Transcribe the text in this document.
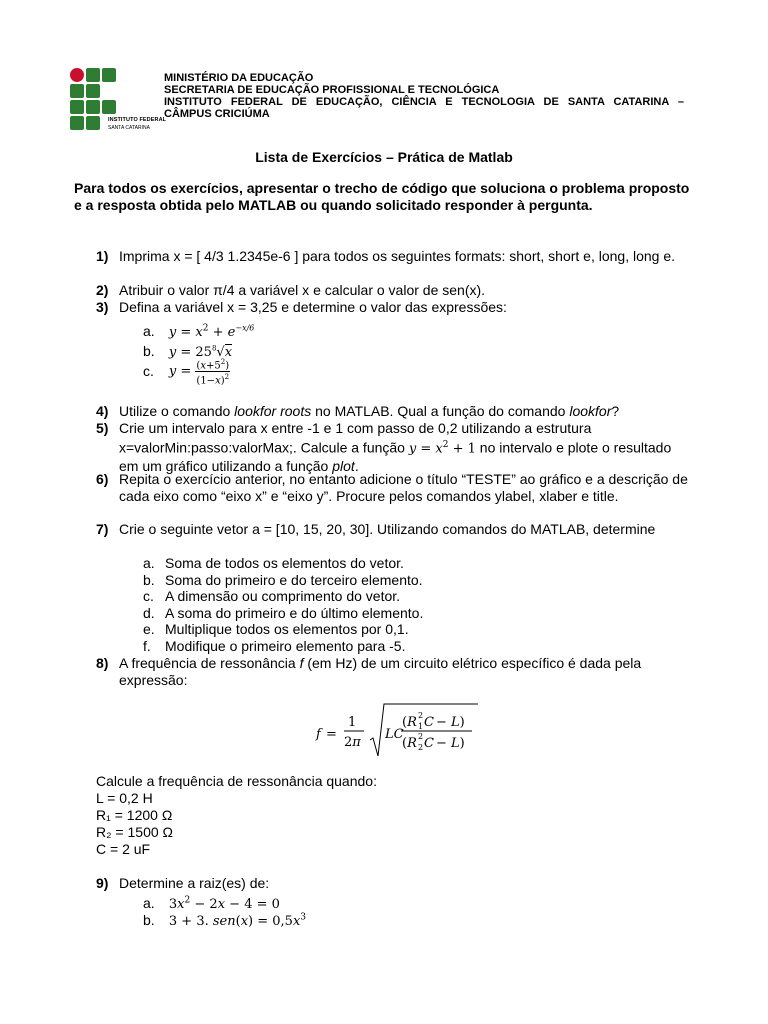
INSTITUTO FEDERAL
SANTA CATARINA
MINISTÉRIO DA EDUCAÇÃO
SECRETARIA DE EDUCAÇÃO PROFISSIONAL E TECNOLÓGICA
INSTITUTO FEDERAL DE EDUCAÇÃO, CIÊNCIA E TECNOLOGIA DE SANTA CATARINA –
CÂMPUS CRICIÚMA
Lista de Exercícios – Prática de Matlab
Para todos os exercícios, apresentar o trecho de código que soluciona o problema proposto e a resposta obtida pelo MATLAB ou quando solicitado responder à pergunta.
1) Imprima x = [ 4/3 1.2345e-6 ] para todos os seguintes formats: short, short e, long, long e.
2) Atribuir o valor π/4 a variável x e calcular o valor de sen(x).
3) Defina a variável x = 3,25 e determine o valor das expressões:
a. $y = x^2 + e^{-x/6}$
b. $y = 25^8√x$
c. $y = \frac{(x+5^2)}{(1-x)^2}$
4) Utilize o comando lookfor roots no MATLAB. Qual a função do comando lookfor?
5) Crie um intervalo para x entre -1 e 1 com passo de 0,2 utilizando a estrutura x=valorMin:passo:valorMax;. Calcule a função $y = x^2 + 1$ no intervalo e plote o resultado em um gráfico utilizando a função plot.
6) Repita o exercício anterior, no entanto adicione o título “TESTE” ao gráfico e a descrição de cada eixo como “eixo x” e “eixo y”. Procure pelos comandos ylabel, xlaber e title.
7) Crie o seguinte vetor a = [10, 15, 20, 30]. Utilizando comandos do MATLAB, determine
a. Soma de todos os elementos do vetor.
b. Soma do primeiro e do terceiro elemento.
c. A dimensão ou comprimento do vetor.
d. A soma do primeiro e do último elemento.
e. Multiplique todos os elementos por 0,1.
f. Modifique o primeiro elemento para -5.
8) A frequência de ressonância f (em Hz) de um circuito elétrico específico é dada pela expressão:
f =
1
2π
LC
(R 2
1 C − L)
(R 2
2 C − L)
Calcule a frequência de ressonância quando:
L = 0,2 H
R₁ = 1200 Ω
R₂ = 1500 Ω
C = 2 uF
9) Determine a raiz(es) de:
a. $3x^2 - 2x - 4 = 0$
b. 3 + 3. $sen(x) = 0,5x^3$
